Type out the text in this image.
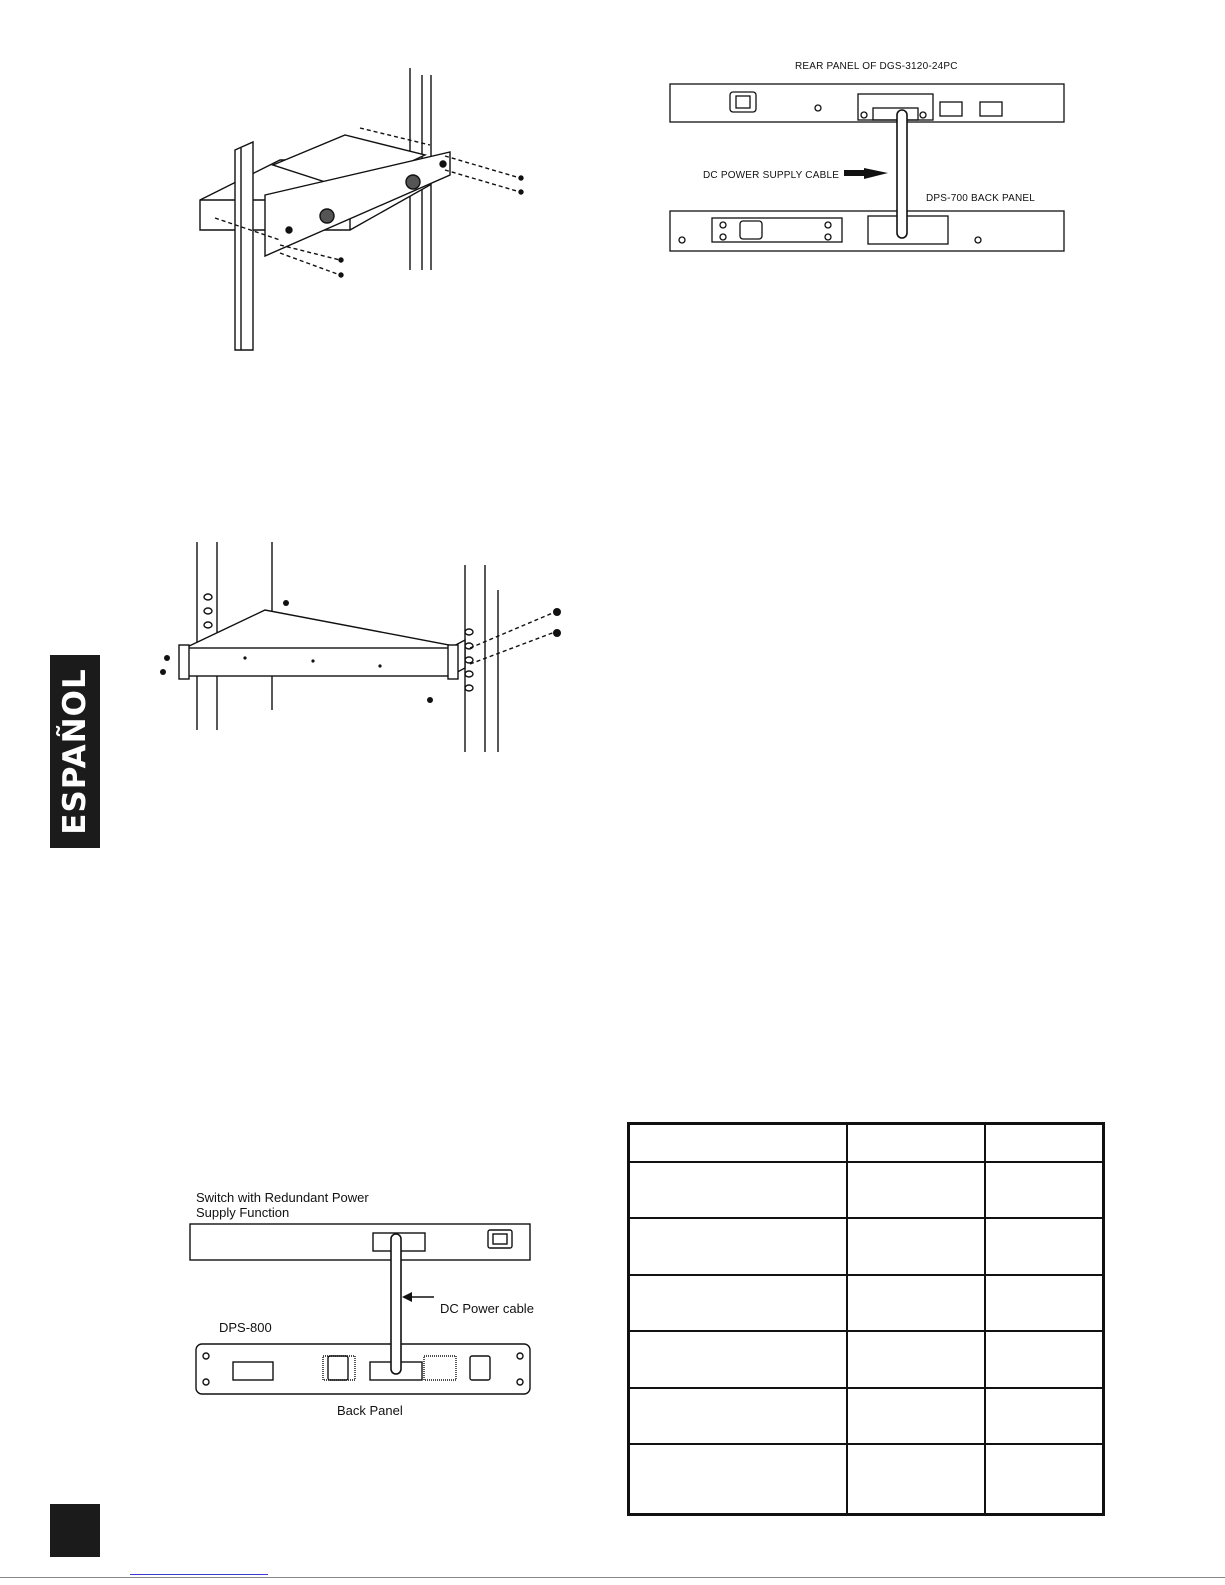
REAR PANEL OF DGS-3120-24PC
DC POWER SUPPLY CABLE
DPS-700 BACK PANEL
ESPAÑOL
Switch with Redundant Power
Supply Function
DPS-800
DC Power cable
Back Panel
